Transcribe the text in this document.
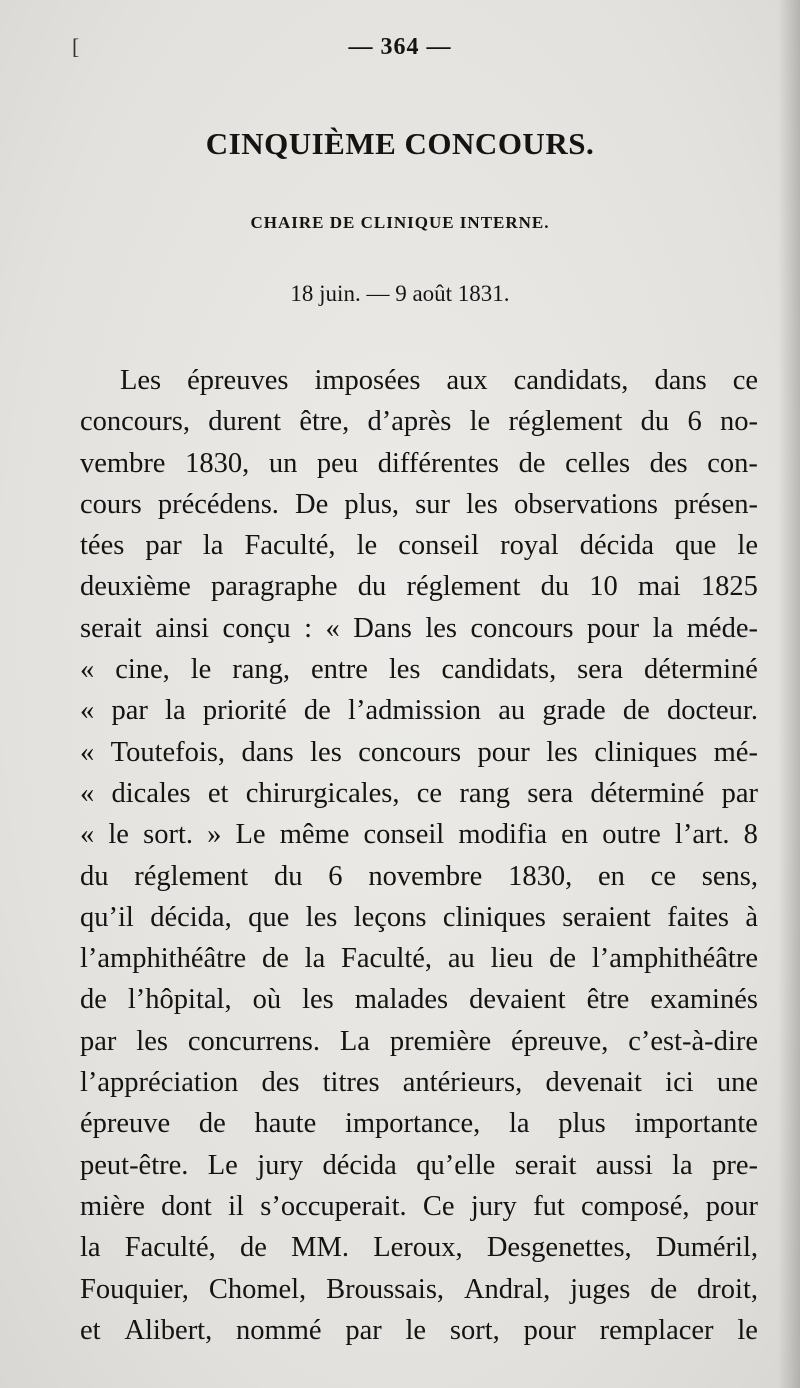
[	— 364 —
CINQUIÈME CONCOURS.
CHAIRE DE CLINIQUE INTERNE.
18 juin. — 9 août 1831.
Les épreuves imposées aux candidats, dans ce
concours, durent être, d’après le réglement du 6 no-
vembre 1830, un peu différentes de celles des con-
cours précédens. De plus, sur les observations présen-
tées par la Faculté, le conseil royal décida que le
deuxième paragraphe du réglement du 10 mai 1825
serait ainsi conçu : « Dans les concours pour la méde-
« cine, le rang, entre les candidats, sera déterminé
« par la priorité de l’admission au grade de docteur.
« Toutefois, dans les concours pour les cliniques mé-
« dicales et chirurgicales, ce rang sera déterminé par
« le sort. » Le même conseil modifia en outre l’art. 8
du réglement du 6 novembre 1830, en ce sens,
qu’il décida, que les leçons cliniques seraient faites à
l’amphithéâtre de la Faculté, au lieu de l’amphithéâtre
de l’hôpital, où les malades devaient être examinés
par les concurrens. La première épreuve, c’est-à-dire
l’appréciation des titres antérieurs, devenait ici une
épreuve de haute importance, la plus importante
peut-être. Le jury décida qu’elle serait aussi la pre-
mière dont il s’occuperait. Ce jury fut composé, pour
la Faculté, de MM. Leroux, Desgenettes, Duméril,
Fouquier, Chomel, Broussais, Andral, juges de droit,
et Alibert, nommé par le sort, pour remplacer le
